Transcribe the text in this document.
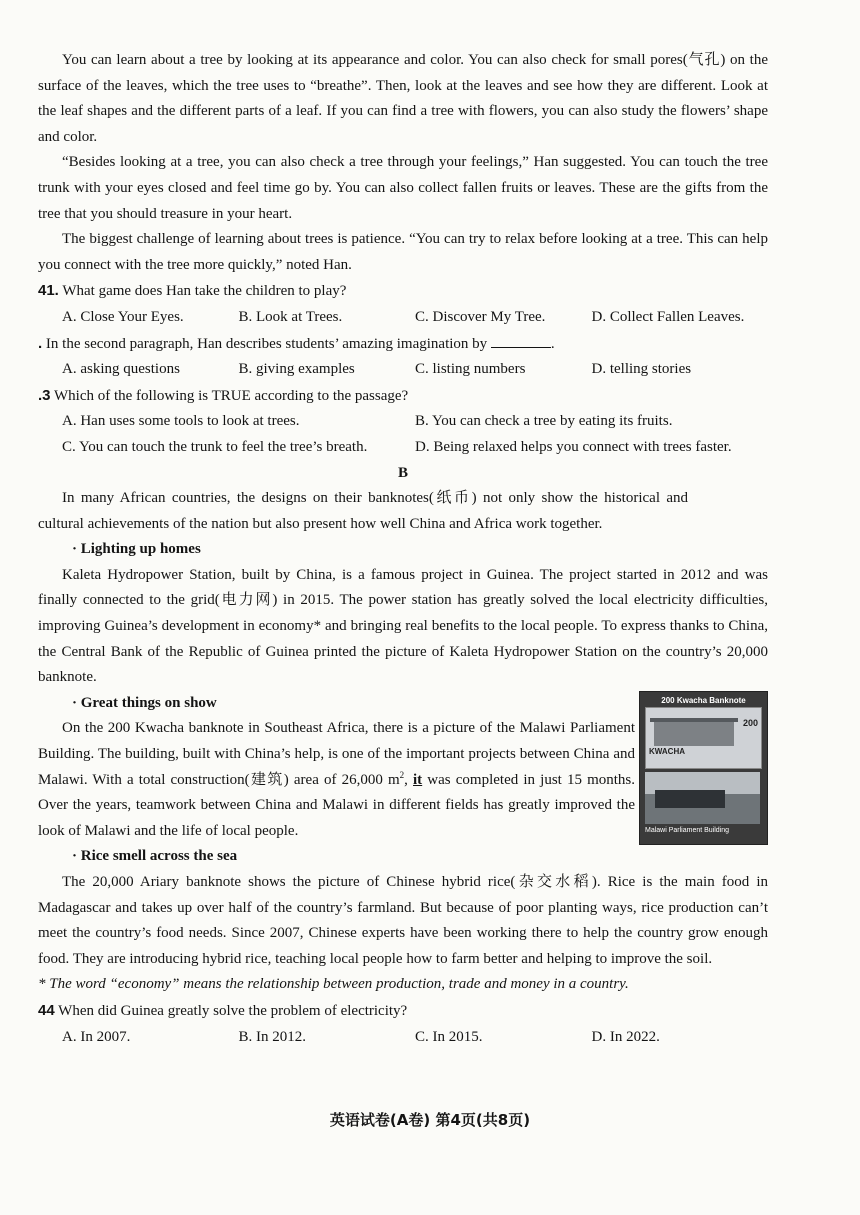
You can learn about a tree by looking at its appearance and color. You can also check for small pores(气孔) on the surface of the leaves, which the tree uses to “breathe”. Then, look at the leaves and see how they are different. Look at the leaf shapes and the different parts of a leaf. If you can find a tree with flowers, you can also study the flowers’ shape and color.

“Besides looking at a tree, you can also check a tree through your feelings,” Han suggested. You can touch the tree trunk with your eyes closed and feel time go by. You can also collect fallen fruits or leaves. These are the gifts from the tree that you should treasure in your heart.

The biggest challenge of learning about trees is patience. “You can try to relax before looking at a tree. This can help you connect with the tree more quickly,” noted Han.

41. What game does Han take the children to play?

A. Close Your Eyes.	B. Look at Trees.	C. Discover My Tree.	D. Collect Fallen Leaves.

. In the second paragraph, Han describes students’ amazing imagination by	.

A. asking questions	B. giving examples	C. listing numbers	D. telling stories

.3 Which of the following is TRUE according to the passage?

A. Han uses some tools to look at trees.	B. You can check a tree by eating its fruits.
C. You can touch the trunk to feel the tree’s breath.	D. Being relaxed helps you connect with trees faster.

B

In many African countries, the designs on their banknotes(纸币) not only show the historical and cultural achievements of the nation but also present how well China and Africa work together.

· Lighting up homes

Kaleta Hydropower Station, built by China, is a famous project in Guinea. The project started in 2012 and was finally connected to the grid(电力网) in 2015. The power station has greatly solved the local electricity difficulties, improving Guinea’s development in economy* and bringing real benefits to the local people. To express thanks to China, the Central Bank of the Republic of Guinea printed the picture of Kaleta Hydropower Station on the country’s 20,000 banknote.

· Great things on show

On the 200 Kwacha banknote in Southeast Africa, there is a picture of the Malawi Parliament Building. The building, built with China’s help, is one of the important projects between China and Malawi. With a total construction(建筑) area of 26,000 $m^2$, it was completed in just 15 months. Over the years, teamwork between China and Malawi in different fields has greatly improved the look of Malawi and the life of local people.

200 Kwacha Banknote
200
KWACHA
Malawi Parliament Building

· Rice smell across the sea

The 20,000 Ariary banknote shows the picture of Chinese hybrid rice(杂交水稻). Rice is the main food in Madagascar and takes up over half of the country’s farmland. But because of poor planting ways, rice production can’t meet the country’s food needs. Since 2007, Chinese experts have been working there to help the country grow enough food. They are introducing hybrid rice, teaching local people how to farm better and helping to improve the soil.

* The word “economy” means the relationship between production, trade and money in a country.

44 When did Guinea greatly solve the problem of electricity?

A. In 2007.	B. In 2012.	C. In 2015.	D. In 2022.
英语试卷(A卷) 第4页(共8页)
